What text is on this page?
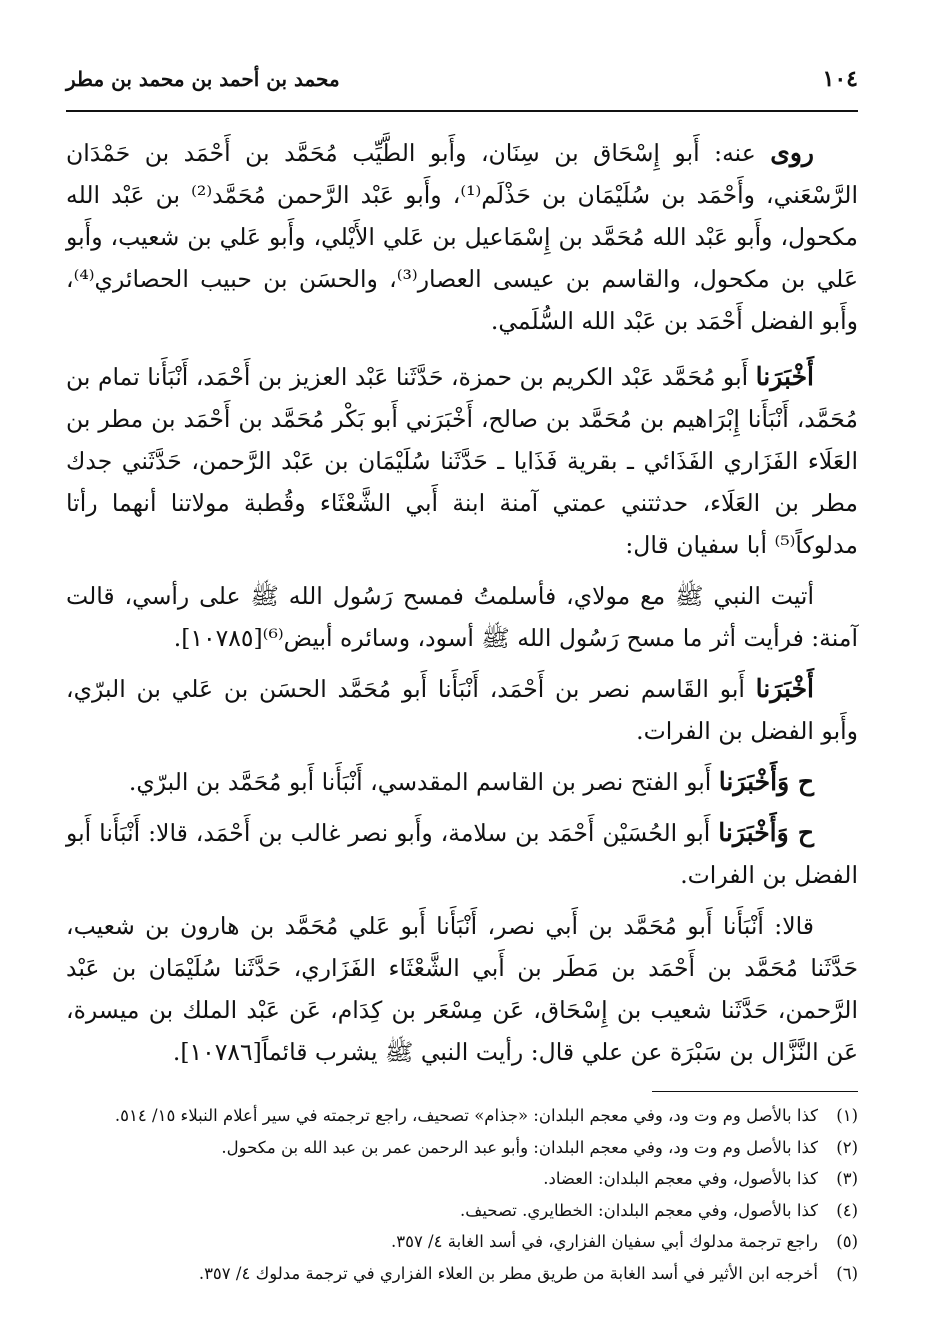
١٠٤
محمد بن أحمد بن محمد بن مطر

روى عنه: أَبو إِسْحَاق بن سِنَان، وأَبو الطَّيِّب مُحَمَّد بن أَحْمَد بن حَمْدَان الرَّسْعَني، وأَحْمَد بن سُلَيْمَان بن حَذْلَم⁽¹⁾، وأَبو عَبْد الرَّحمن مُحَمَّد⁽²⁾ بن عَبْد الله مكحول، وأَبو عَبْد الله مُحَمَّد بن إِسْمَاعيل بن عَلي الأَيْلي، وأَبو عَلي بن شعيب، وأَبو عَلي بن مكحول، والقاسم بن عيسى العصار⁽³⁾، والحسَن بن حبيب الحصائري⁽⁴⁾، وأَبو الفضل أَحْمَد بن عَبْد الله السُّلَمي.

أَخْبَرَنا أَبو مُحَمَّد عَبْد الكريم بن حمزة، حَدَّثَنا عَبْد العزيز بن أَحْمَد، أَنْبَأَنا تمام بن مُحَمَّد، أَنْبَأَنا إِبْرَاهيم بن مُحَمَّد بن صالح، أَخْبَرَني أَبو بَكْر مُحَمَّد بن أَحْمَد بن مطر بن العَلَاء الفَزَاري الفَذَائي ـ بقرية فَذَايا ـ حَدَّثَنا سُلَيْمَان بن عَبْد الرَّحمن، حَدَّثَني جدك مطر بن العَلَاء، حدثتني عمتي آمنة ابنة أَبي الشَّعْثَاء وقُطبة مولاتنا أنهما رأتا مدلوكاً⁽⁵⁾ أبا سفيان قال:

أتيت النبي ﷺ مع مولاي، فأسلمتُ فمسح رَسُول الله ﷺ على رأسي، قالت آمنة: فرأيت أثر ما مسح رَسُول الله ﷺ أسود، وسائره أبيض⁽⁶⁾[١٠٧٨٥].

أَخْبَرَنا أَبو القَاسم نصر بن أَحْمَد، أَنْبَأَنا أَبو مُحَمَّد الحسَن بن عَلي بن البرّي، وأَبو الفضل بن الفرات.

ح وَأَخْبَرَنا أَبو الفتح نصر بن القاسم المقدسي، أَنْبَأَنا أَبو مُحَمَّد بن البرّي.

ح وَأَخْبَرَنا أَبو الحُسَيْن أَحْمَد بن سلامة، وأَبو نصر غالب بن أَحْمَد، قالا: أَنْبَأَنا أَبو الفضل بن الفرات.

قالا: أَنْبَأَنا أَبو مُحَمَّد بن أَبي نصر، أَنْبَأَنا أَبو عَلي مُحَمَّد بن هارون بن شعيب، حَدَّثَنا مُحَمَّد بن أَحْمَد بن مَطَر بن أَبي الشَّعْثَاء الفَزَاري، حَدَّثَنا سُلَيْمَان بن عَبْد الرَّحمن، حَدَّثَنا شعيب بن إِسْحَاق، عَن مِسْعَر بن كِدَام، عَن عَبْد الملك بن ميسرة، عَن النَّزَّال بن سَبْرَة عن علي قال: رأيت النبي ﷺ يشرب قائماً[١٠٧٨٦].

(١)
كذا بالأصل وم وت ود، وفي معجم البلدان: «جذام» تصحيف، راجع ترجمته في سير أعلام النبلاء ١٥/ ٥١٤.
(٢)
كذا بالأصل وم وت ود، وفي معجم البلدان: وأبو عبد الرحمن عمر بن عبد الله بن مكحول.
(٣)
كذا بالأصول، وفي معجم البلدان: العضاد.
(٤)
كذا بالأصول، وفي معجم البلدان: الخطايري. تصحيف.
(٥)
راجع ترجمة مدلوك أبي سفيان الفزاري، في أسد الغابة ٤/ ٣٥٧.
(٦)
أخرجه ابن الأثير في أسد الغابة من طريق مطر بن العلاء الفزاري في ترجمة مدلوك ٤/ ٣٥٧.
